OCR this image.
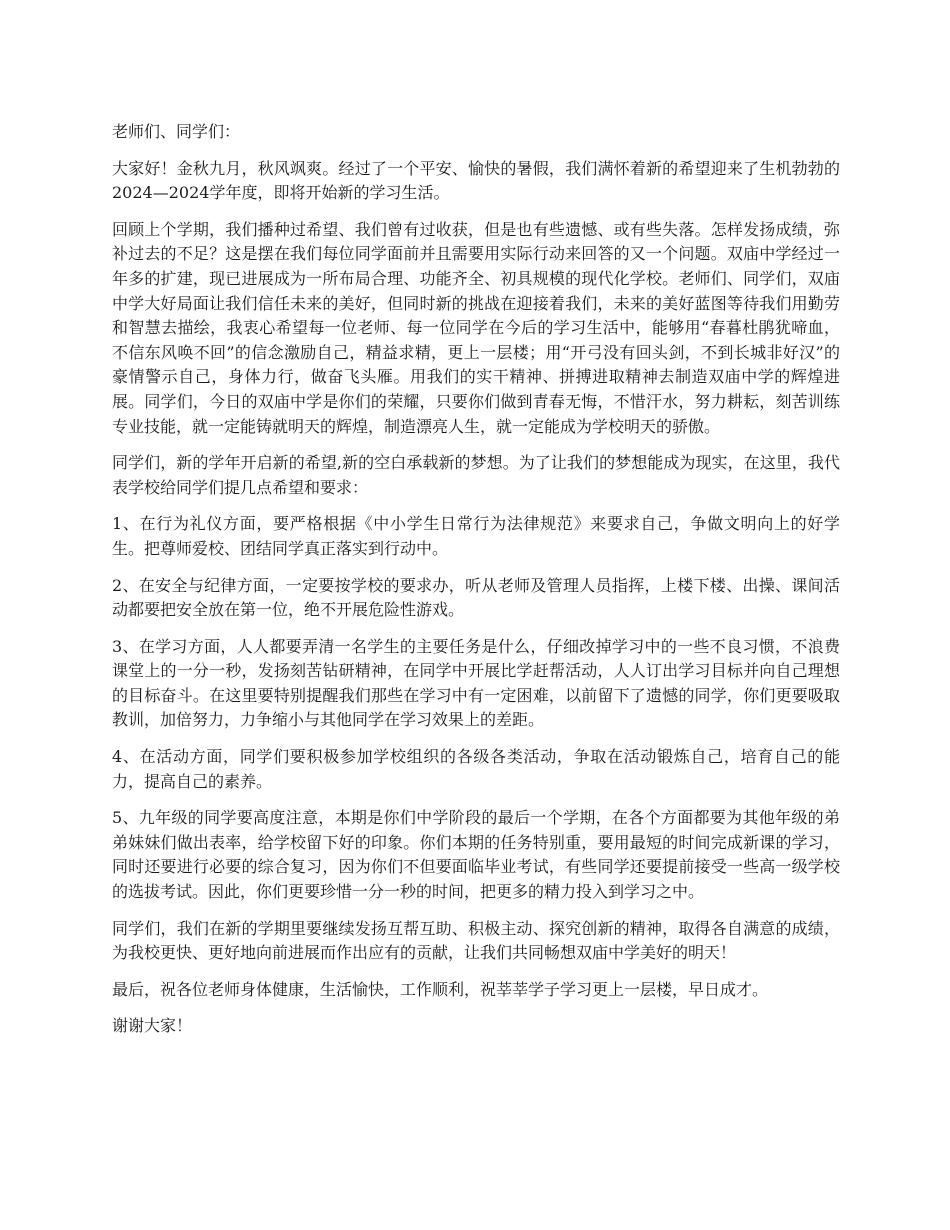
老师们、同学们：

大家好！金秋九月，秋风飒爽。经过了一个平安、愉快的暑假，我们满怀着新的希望迎来了生机勃勃的2024—2024学年度，即将开始新的学习生活。

回顾上个学期，我们播种过希望、我们曾有过收获，但是也有些遗憾、或有些失落。怎样发扬成绩，弥补过去的不足？这是摆在我们每位同学面前并且需要用实际行动来回答的又一个问题。双庙中学经过一年多的扩建，现已进展成为一所布局合理、功能齐全、初具规模的现代化学校。老师们、同学们，双庙中学大好局面让我们信任未来的美好，但同时新的挑战在迎接着我们，未来的美好蓝图等待我们用勤劳和智慧去描绘，我衷心希望每一位老师、每一位同学在今后的学习生活中，能够用“春暮杜鹃犹啼血，不信东风唤不回”的信念激励自己，精益求精，更上一层楼；用“开弓没有回头剑，不到长城非好汉”的豪情警示自己，身体力行，做奋飞头雁。用我们的实干精神、拼搏进取精神去制造双庙中学的辉煌进展。同学们，今日的双庙中学是你们的荣耀，只要你们做到青春无悔，不惜汗水，努力耕耘，刻苦训练专业技能，就一定能铸就明天的辉煌，制造漂亮人生，就一定能成为学校明天的骄傲。

同学们，新的学年开启新的希望,新的空白承载新的梦想。为了让我们的梦想能成为现实，在这里，我代表学校给同学们提几点希望和要求：

1、在行为礼仪方面，要严格根据《中小学生日常行为法律规范》来要求自己，争做文明向上的好学生。把尊师爱校、团结同学真正落实到行动中。

2、在安全与纪律方面，一定要按学校的要求办，听从老师及管理人员指挥，上楼下楼、出操、课间活动都要把安全放在第一位，绝不开展危险性游戏。

3、在学习方面，人人都要弄清一名学生的主要任务是什么，仔细改掉学习中的一些不良习惯，不浪费课堂上的一分一秒，发扬刻苦钻研精神，在同学中开展比学赶帮活动，人人订出学习目标并向自己理想的目标奋斗。在这里要特别提醒我们那些在学习中有一定困难，以前留下了遗憾的同学，你们更要吸取教训，加倍努力，力争缩小与其他同学在学习效果上的差距。

4、在活动方面，同学们要积极参加学校组织的各级各类活动，争取在活动锻炼自己，培育自己的能力，提高自己的素养。

5、九年级的同学要高度注意，本期是你们中学阶段的最后一个学期，在各个方面都要为其他年级的弟弟妹妹们做出表率，给学校留下好的印象。你们本期的任务特别重，要用最短的时间完成新课的学习，同时还要进行必要的综合复习，因为你们不但要面临毕业考试，有些同学还要提前接受一些高一级学校的选拔考试。因此，你们更要珍惜一分一秒的时间，把更多的精力投入到学习之中。

同学们，我们在新的学期里要继续发扬互帮互助、积极主动、探究创新的精神，取得各自满意的成绩，为我校更快、更好地向前进展而作出应有的贡献，让我们共同畅想双庙中学美好的明天！

最后，祝各位老师身体健康，生活愉快，工作顺利，祝莘莘学子学习更上一层楼，早日成才。

谢谢大家！
